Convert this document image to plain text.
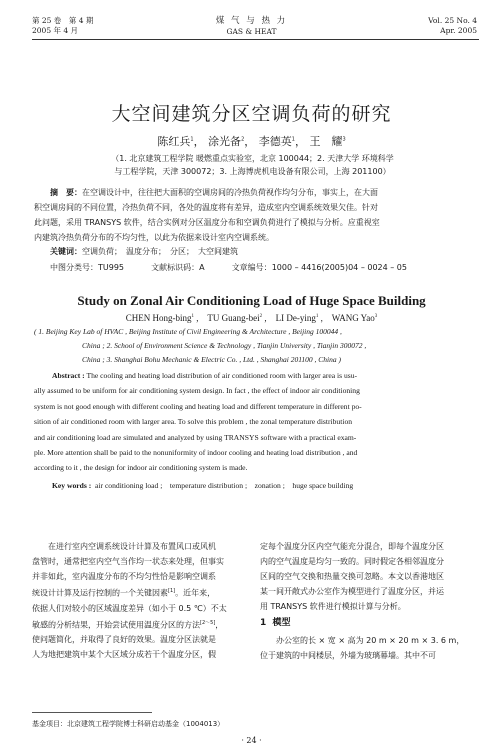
第 25 卷　第 4 期
2005 年 4 月
煤 气 与 热 力
GAS & HEAT
Vol. 25 No. 4
Apr. 2005
大空间建筑分区空调负荷的研究
陈红兵$^1$， 涂光备$^2$， 李德英$^1$， 王　耀$^3$
（1. 北京建筑工程学院 暖燃重点实验室，北京 100044；2. 天津大学 环境科学
与工程学院，天津 300072；3. 上海博虎机电设备有限公司，上海 201100）
摘　要：在空调设计中，往往把大面积的空调房间的冷热负荷视作均匀分布，事实上，在大面
积空调房间的不同位置，冷热负荷不同，各处的温度将有差异，造成室内空调系统效果欠佳。针对
此问题，采用 TRANSYS 软件，结合实例对分区温度分布和空调负荷进行了模拟与分析。应重视室
内建筑冷热负荷分布的不均匀性，以此为依据来设计室内空调系统。
关键词：空调负荷；　温度分布；　分区；　大空间建筑
中图分类号：TU995	文献标识码：A	文章编号：1000 – 4416(2005)04 – 0024 – 05
Study on Zonal Air Conditioning Load of Huge Space Building
CHEN Hong-bing$^1$ ,    TU Guang-bei$^2$ ,    LI De-ying$^1$ ,    WANG Yao$^3$
( 1. Beijing Key Lab of HVAC , Beijing Institute of Civil Engineering & Architecture , Beijing 100044 ,
China ; 2. School of Environment Science & Technology , Tianjin University , Tianjin 300072 ,
China ; 3. Shanghai Bohu Mechanic & Electric Co. , Ltd. , Shanghai 201100 , China )
Abstract : The cooling and heating load distribution of air conditioned room with larger area is usu-
ally assumed to be uniform for air conditioning system design. In fact , the effect of indoor air conditioning
system is not good enough with different cooling and heating load and different temperature in different po-
sition of air conditioned room with larger area. To solve this problem , the zonal temperature distribution
and air conditioning load are simulated and analyzed by using TRANSYS software with a practical exam-
ple. More attention shall be paid to the nonuniformity of indoor cooling and heating load distribution , and
according to it , the design for indoor air conditioning system is made.
Key words : air conditioning load ;　temperature distribution ;　zonation ;　huge space building
在进行室内空调系统设计计算及布置风口或风机
盘管时，通常把室内空气当作均一状态来处理，但事实
并非如此，室内温度分布的不均匀性恰是影响空调系
统设计计算及运行控制的一个关键因素[1]。近年来，
依据人们对较小的区域温度差异（如小于 0.5 ℃）不太
敏感的分析结果，开始尝试使用温度分区的方法[2～5]，
使问题简化，并取得了良好的效果。温度分区法就是
人为地把建筑中某个大区域分成若干个温度分区，假
定每个温度分区内空气能充分混合，即每个温度分区
内的空气温度是均匀一致的。同时假定各相邻温度分
区间的空气交换和热量交换可忽略。本文以香港地区
某一间开敞式办公室作为模型进行了温度分区，并运
用 TRANSYS 软件进行模拟计算与分析。
1 模型
　　办公室的长 × 宽 × 高为 20 m × 20 m × 3. 6 m，
位于建筑的中间楼层，外墙为玻璃幕墙。其中不可
基金项目：北京建筑工程学院博士科研启动基金（1004013）
· 24 ·
